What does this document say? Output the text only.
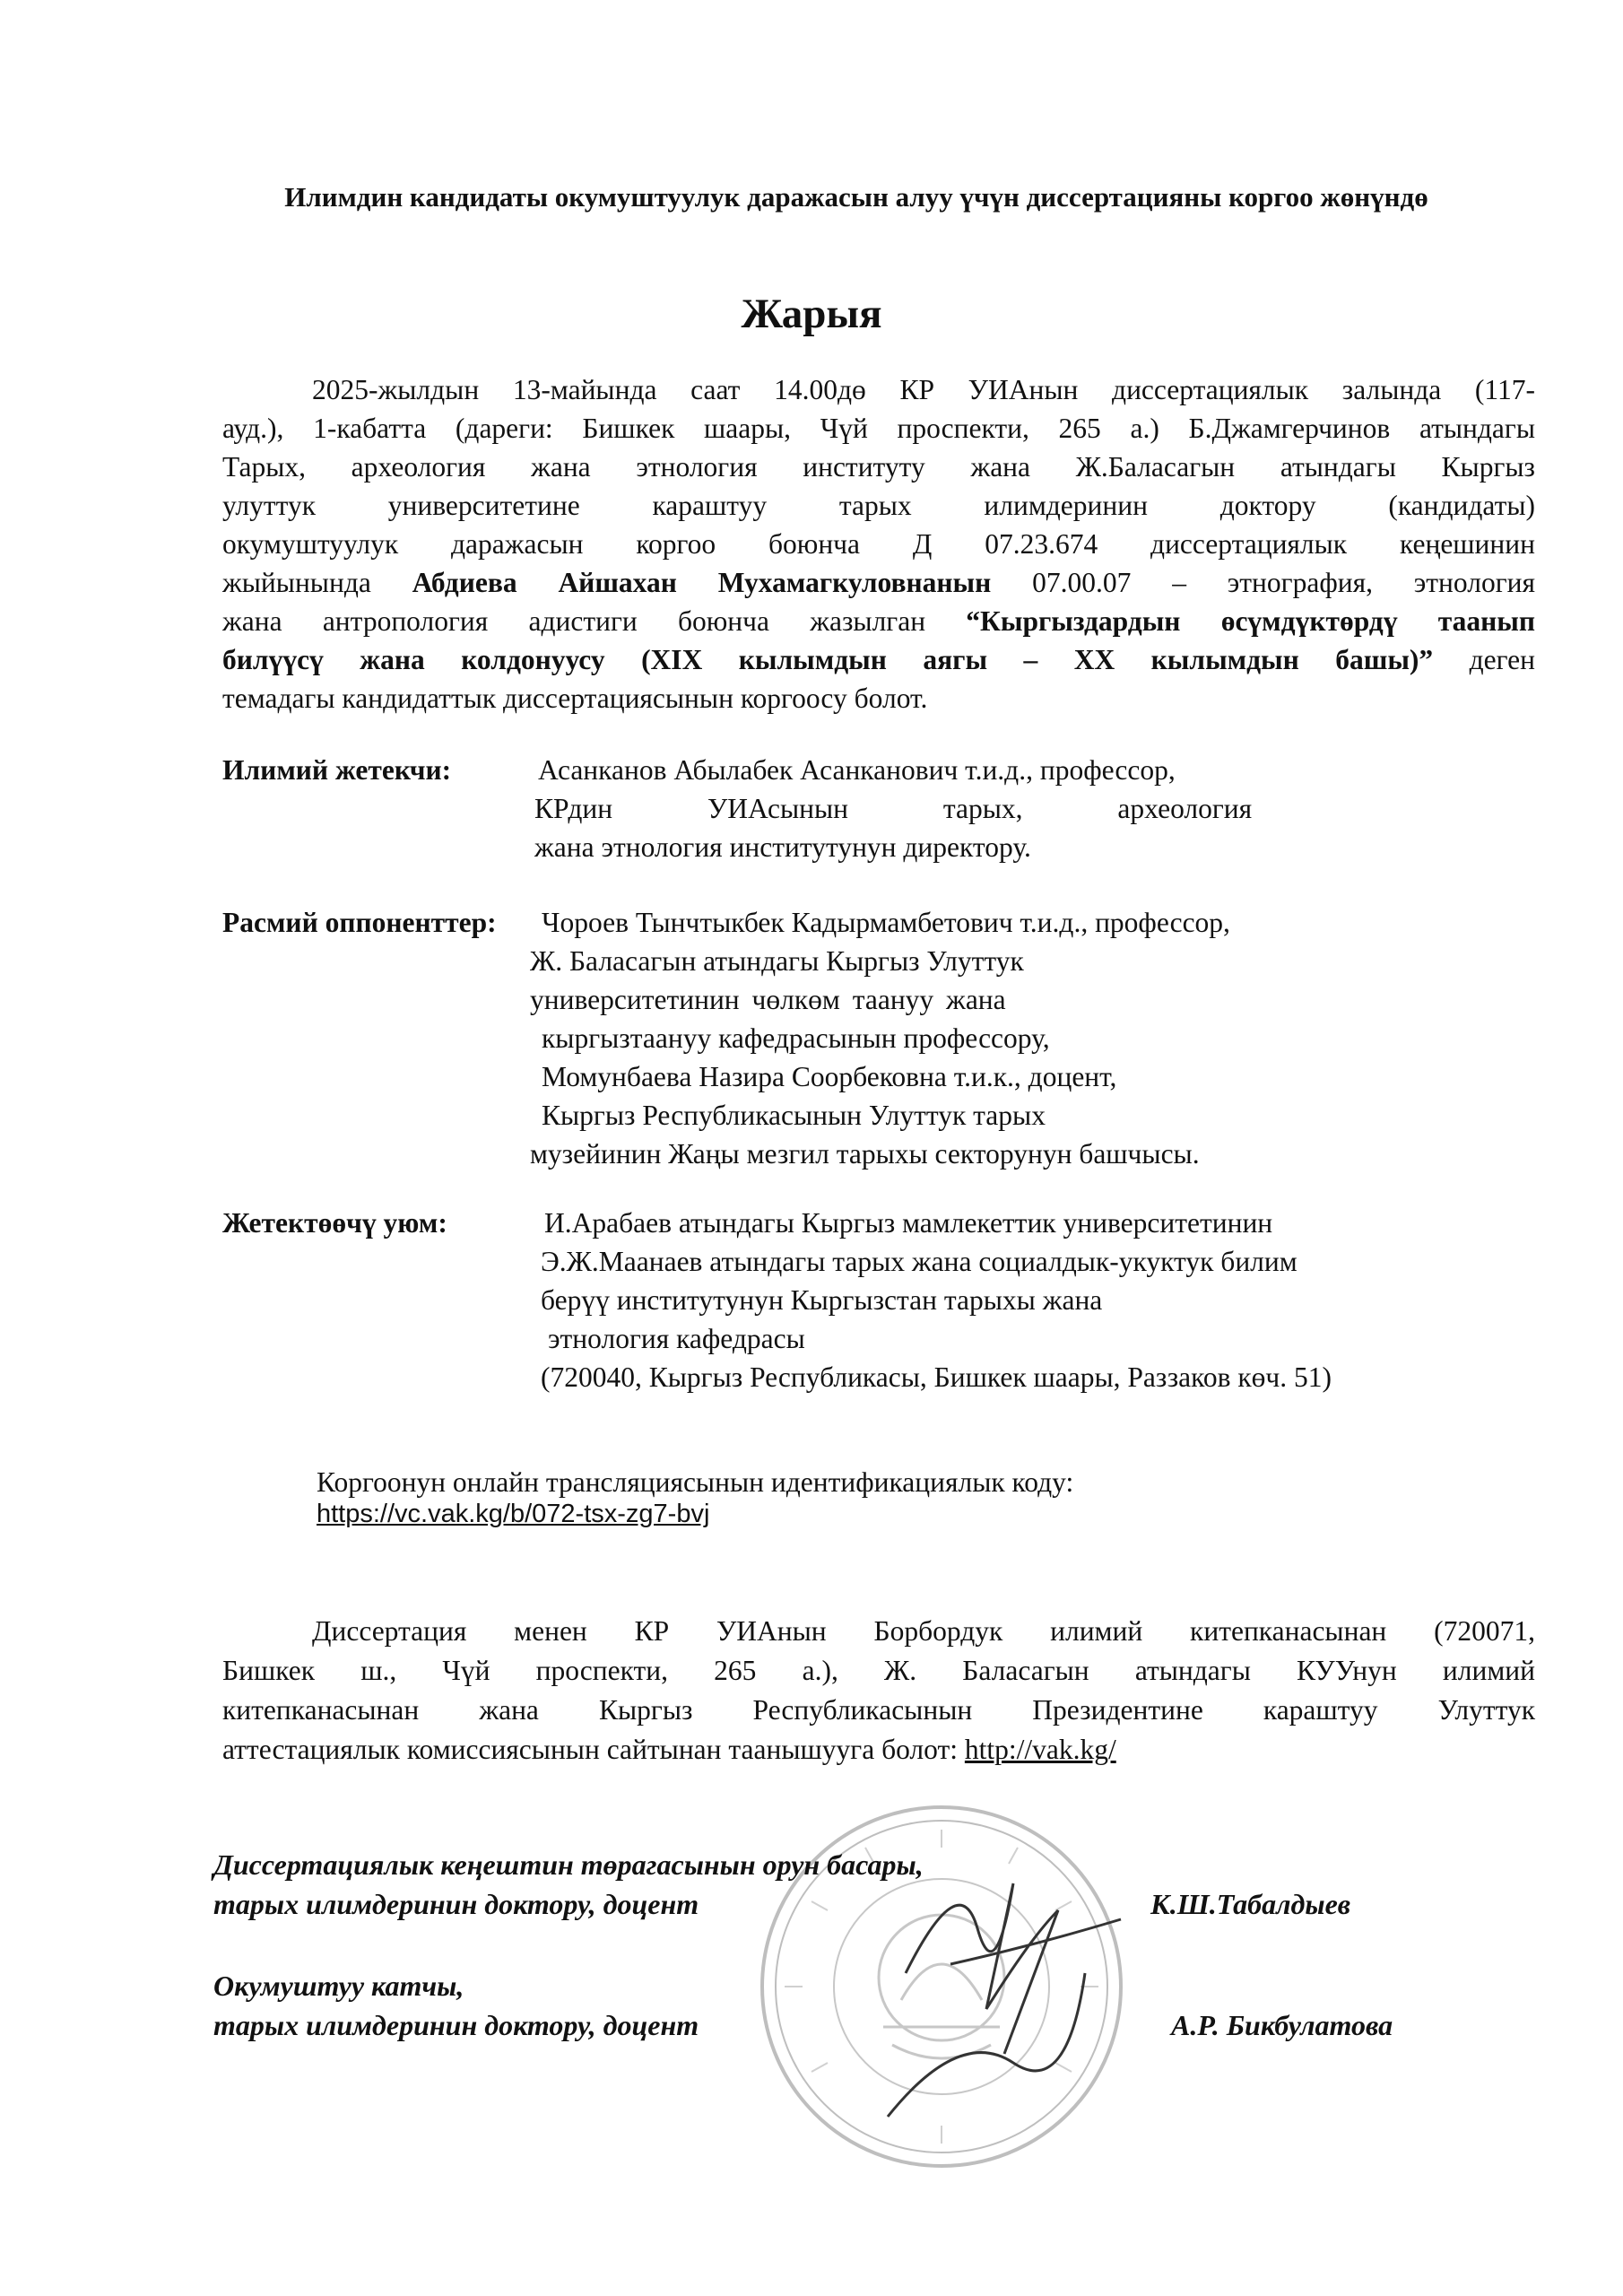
Илимдин кандидаты окумуштуулук даражасын алуу үчүн диссертацияны коргоо жөнүндө
Жарыя
2025-жылдын 13-майында саат 14.00дө КР УИАнын диссертациялык залында (117-
ауд.), 1-кабатта (дареги: Бишкек шаары, Чүй проспекти, 265 а.) Б.Джамгерчинов атындагы
Тарых, археология жана этнология институту жана Ж.Баласагын атындагы Кыргыз
улуттук университетине караштуу тарых илимдеринин доктору (кандидаты)
окумуштуулук даражасын коргоо боюнча Д 07.23.674 диссертациялык кеңешинин
жыйынында Абдиева Айшахан Мухамагкуловнанын 07.00.07 – этнография, этнология
жана антропология адистиги боюнча жазылган “Кыргыздардын өсүмдүктөрдү таанып
билүүсү жана колдонуусу (XIX кылымдын аягы – XX кылымдын башы)” деген
темадагы кандидаттык диссертациясынын коргоосу болот.
Илимий жетекчи:	Асанканов Абылабек Асанканович т.и.д., профессор,
КРдин УИАсынын тарых, археология
жана этнология институтунун директору.
Расмий оппоненттер: Чороев Тынчтыкбек Кадырмамбетович т.и.д., профессор,
Ж. Баласагын атындагы Кыргыз Улуттук
университетинин чөлкөм таануу жана
кыргызтаануу кафедрасынын профессору,
Момунбаева Назира Соорбековна т.и.к., доцент,
Кыргыз Республикасынын Улуттук тарых
музейинин Жаңы мезгил тарыхы секторунун башчысы.
Жетектөөчү уюм:	И.Арабаев атындагы Кыргыз мамлекеттик университетинин
Э.Ж.Маанаев атындагы тарых жана социалдык-укуктук билим
берүү институтунун Кыргызстан тарыхы жана
этнология кафедрасы
(720040, Кыргыз Республикасы, Бишкек шаары, Раззаков көч. 51)
Коргоонун онлайн трансляциясынын идентификациялык коду:
https://vc.vak.kg/b/072-tsx-zg7-bvj
Диссертация менен КР УИАнын Борбордук илимий китепканасынан (720071,
Бишкек ш., Чүй проспекти, 265 а.), Ж. Баласагын атындагы КУУнун илимий
китепканасынан жана Кыргыз Республикасынын Президентине караштуу Улуттук
аттестациялык комиссиясынын сайтынан таанышууга болот: http://vak.kg/
Диссертациялык кеңештин төрагасынын орун басары,
тарых илимдеринин доктору, доцент	К.Ш.Табалдыев
Окумуштуу катчы,
тарых илимдеринин доктору, доцент	А.Р. Бикбулатова
